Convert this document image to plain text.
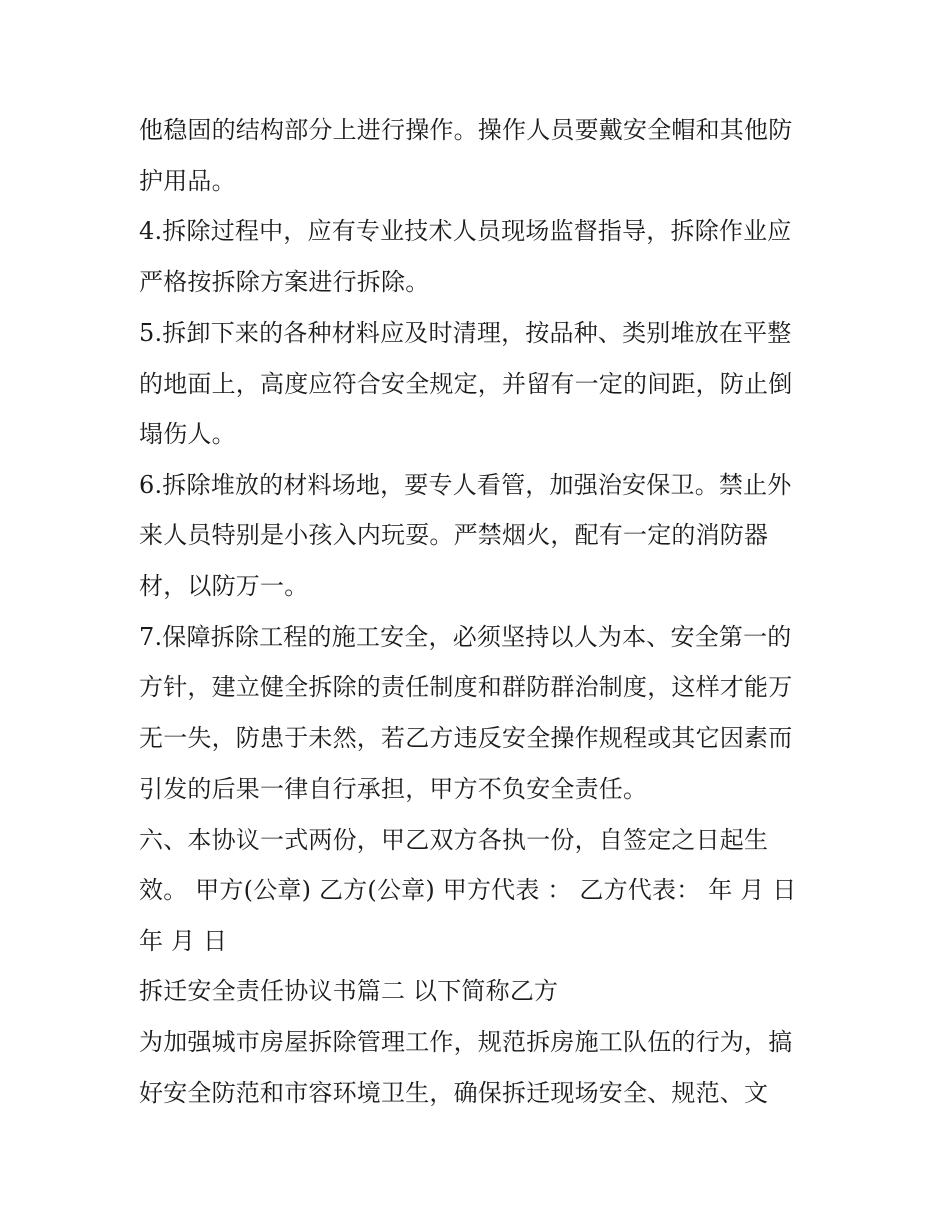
他稳固的结构部分上进行操作。操作人员要戴安全帽和其他防
护用品。
4.拆除过程中，应有专业技术人员现场监督指导，拆除作业应
严格按拆除方案进行拆除。
5.拆卸下来的各种材料应及时清理，按品种、类别堆放在平整
的地面上，高度应符合安全规定，并留有一定的间距，防止倒
塌伤人。
6.拆除堆放的材料场地，要专人看管，加强治安保卫。禁止外
来人员特别是小孩入内玩耍。严禁烟火，配有一定的消防器
材，以防万一。
7.保障拆除工程的施工安全，必须坚持以人为本、安全第一的
方针，建立健全拆除的责任制度和群防群治制度，这样才能万
无一失，防患于未然，若乙方违反安全操作规程或其它因素而
引发的后果一律自行承担，甲方不负安全责任。
六、本协议一式两份，甲乙双方各执一份，自签定之日起生
效。 甲方(公章) 乙方(公章) 甲方代表 ： 乙方代表： 年 月 日
年 月 日
拆迁安全责任协议书篇二 以下简称乙方
为加强城市房屋拆除管理工作，规范拆房施工队伍的行为，搞
好安全防范和市容环境卫生，确保拆迁现场安全、规范、文
